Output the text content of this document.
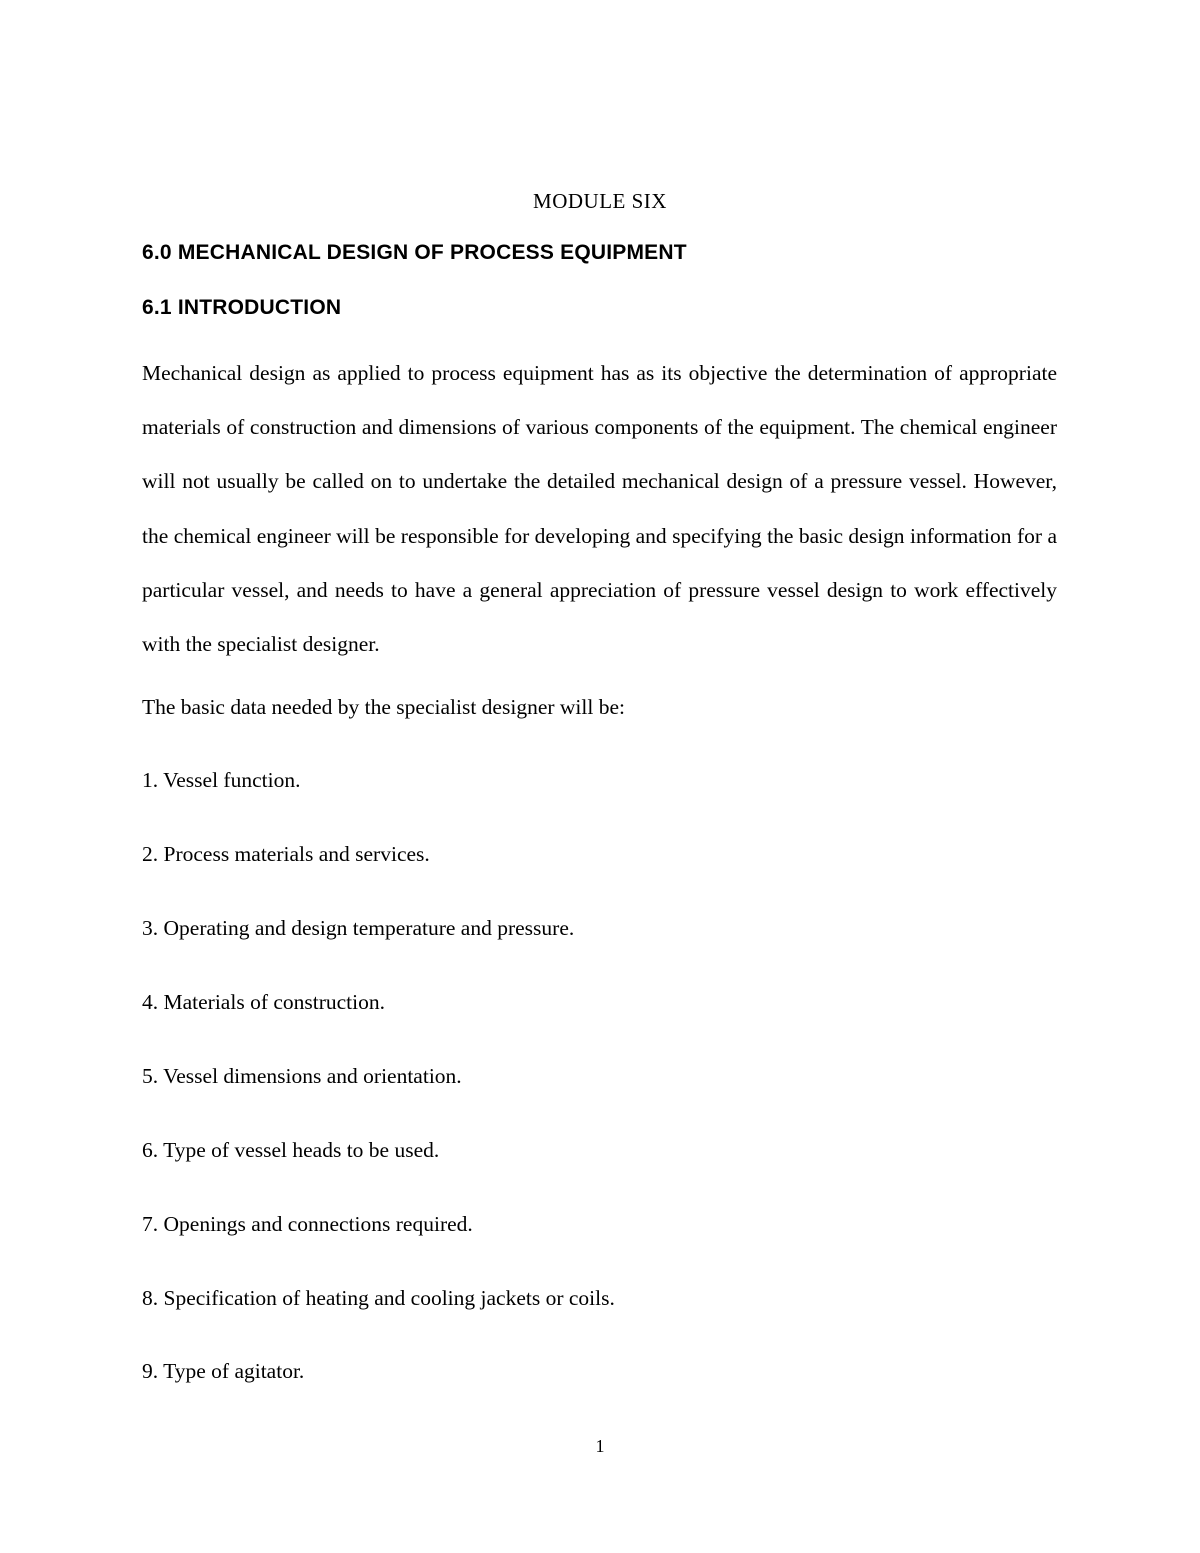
MODULE SIX
6.0 MECHANICAL DESIGN OF PROCESS EQUIPMENT
6.1 INTRODUCTION

Mechanical design as applied to process equipment has as its objective the determination of appropriate materials of construction and dimensions of various components of the equipment. The chemical engineer will not usually be called on to undertake the detailed mechanical design of a pressure vessel. However, the chemical engineer will be responsible for developing and specifying the basic design information for a particular vessel, and needs to have a general appreciation of pressure vessel design to work effectively with the specialist designer.

The basic data needed by the specialist designer will be:
1. Vessel function.
2. Process materials and services.
3. Operating and design temperature and pressure.
4. Materials of construction.
5. Vessel dimensions and orientation.
6. Type of vessel heads to be used.
7. Openings and connections required.
8. Specification of heating and cooling jackets or coils.
9. Type of agitator.
1
